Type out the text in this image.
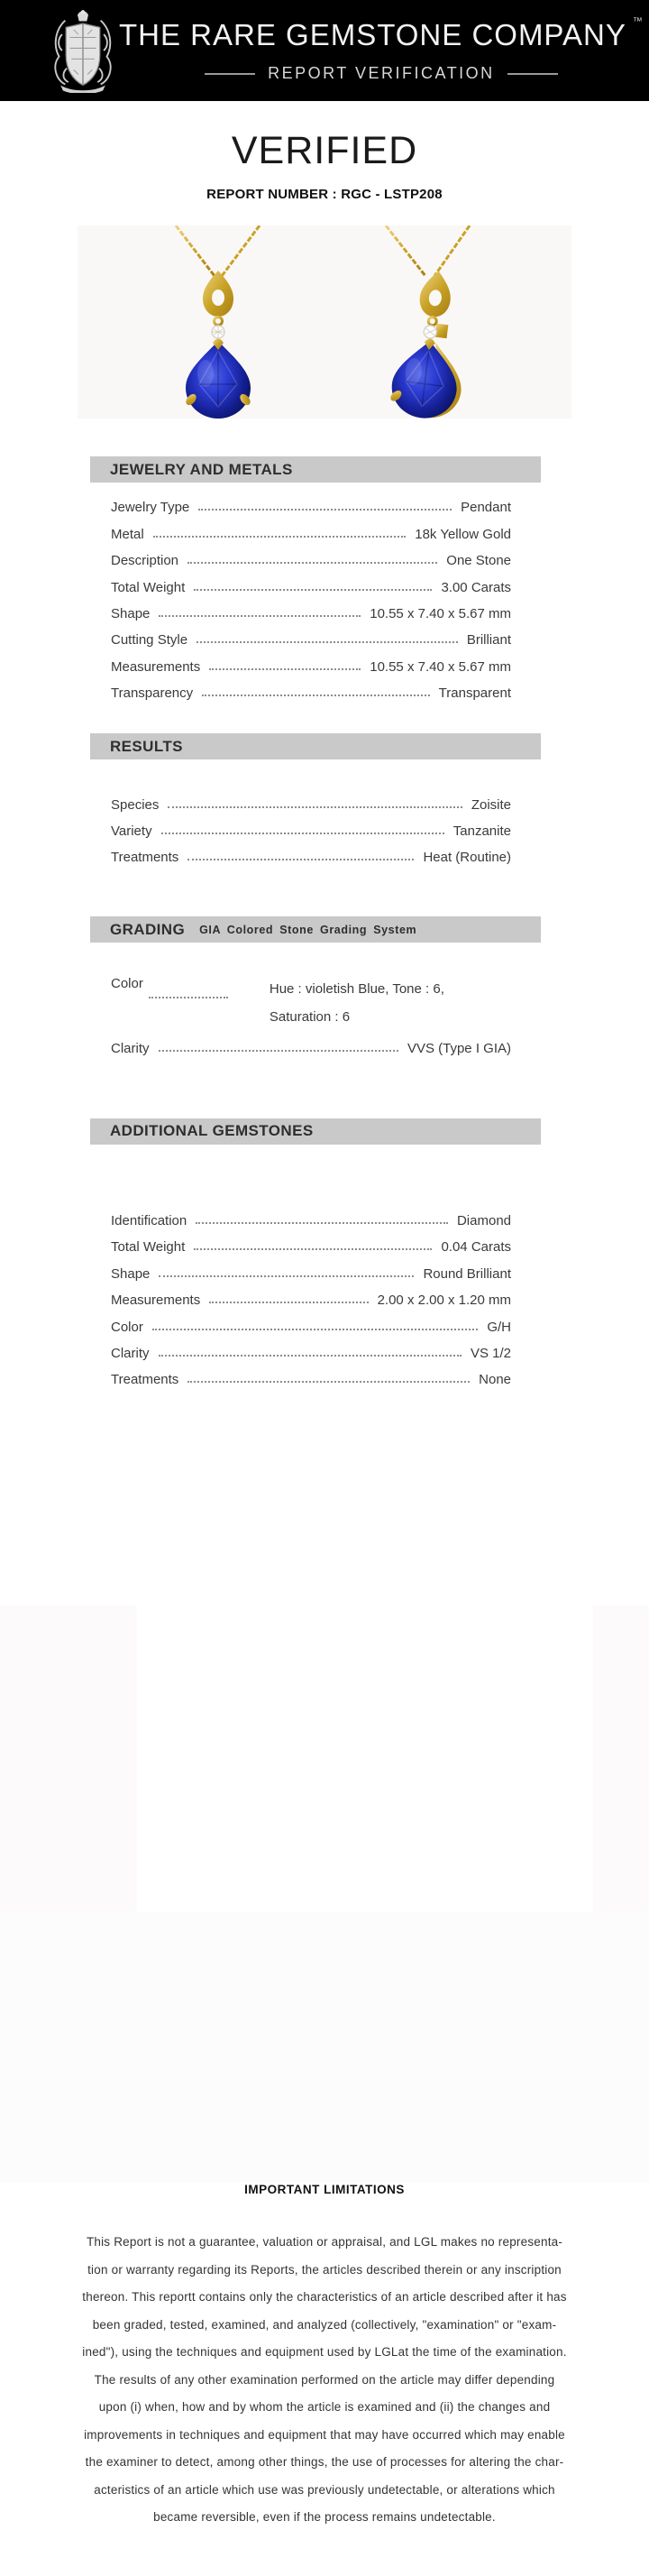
THE RARE GEMSTONE COMPANY ™
REPORT VERIFICATION
VERIFIED
REPORT NUMBER : RGC - LSTP208
JEWELRY AND METALS
Jewelry Type	Pendant
Metal	18k Yellow Gold
Description	One Stone
Total Weight	3.00 Carats
Shape	10.55 x 7.40 x 5.67 mm
Cutting Style	Brilliant
Measurements	10.55 x 7.40 x 5.67 mm
Transparency	Transparent
RESULTS
Species	Zoisite
Variety	Tanzanite
Treatments	Heat (Routine)
GRADING GIA Colored Stone Grading System
Color	Hue : violetish Blue, Tone : 6,
Saturation : 6
Clarity	VVS (Type I GIA)
ADDITIONAL GEMSTONES
Identification	Diamond
Total Weight	0.04 Carats
Shape	Round Brilliant
Measurements	2.00 x 2.00 x 1.20 mm
Color	G/H
Clarity	VS 1/2
Treatments	None
IMPORTANT LIMITATIONS
This Report is not a guarantee, valuation or appraisal, and LGL makes no representa-
tion or warranty regarding its Reports, the articles described therein or any inscription
thereon. This reportt contains only the characteristics of an article described after it has
been graded, tested, examined, and analyzed (collectively, "examination" or "exam-
ined"), using the techniques and equipment used by LGLat the time of the examination.
The results of any other examination performed on the article may differ depending
upon (i) when, how and by whom the article is examined and (ii) the changes and
improvements in techniques and equipment that may have occurred which may enable
the examiner to detect, among other things, the use of processes for altering the char-
acteristics of an article which use was previously undetectable, or alterations which
became reversible, even if the process remains undetectable.
